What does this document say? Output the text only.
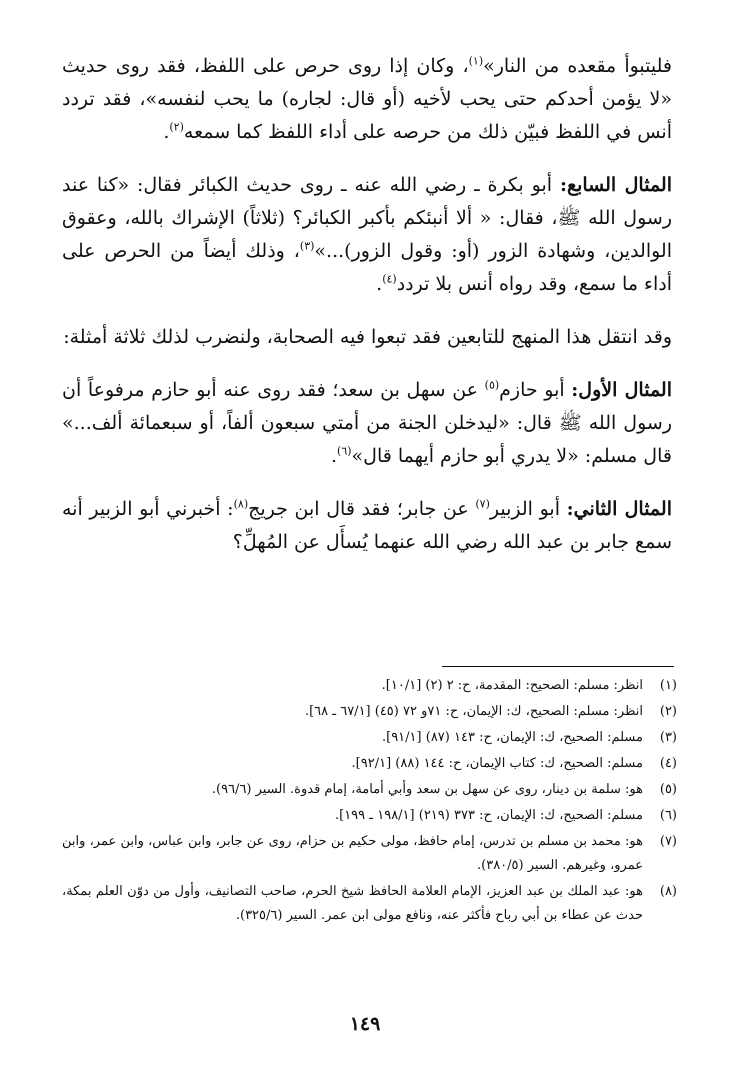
فليتبوأ مقعده من النار»$^{(١)}$، وكان إذا روى حرص على اللفظ، فقد روى حديث «لا يؤمن أحدكم حتى يحب لأخيه (أو قال: لجاره) ما يحب لنفسه»، فقد تردد أنس في اللفظ فبيّن ذلك من حرصه على أداء اللفظ كما سمعه$^{(٢)}$.

المثال السابع: أبو بكرة ـ رضي الله عنه ـ روى حديث الكبائر فقال: «كنا عند رسول الله ﷺ، فقال: « ألا أنبئكم بأكبر الكبائر؟ (ثلاثاً) الإشراك بالله، وعقوق الوالدين، وشهادة الزور (أو: وقول الزور)...»$^{(٣)}$، وذلك أيضاً من الحرص على أداء ما سمع، وقد رواه أنس بلا تردد$^{(٤)}$.

وقد انتقل هذا المنهج للتابعين فقد تبعوا فيه الصحابة، ولنضرب لذلك ثلاثة أمثلة:

المثال الأول: أبو حازم$^{(٥)}$ عن سهل بن سعد؛ فقد روى عنه أبو حازم مرفوعاً أن رسول الله ﷺ قال: «ليدخلن الجنة من أمتي سبعون ألفاً، أو سبعمائة ألف...» قال مسلم: «لا يدري أبو حازم أيهما قال»$^{(٦)}$.

المثال الثاني: أبو الزبير$^{(٧)}$ عن جابر؛ فقد قال ابن جريج$^{(٨)}$: أخبرني أبو الزبير أنه سمع جابر بن عبد الله رضي الله عنهما يُسأَل عن المُهلِّ؟

(١)
انظر: مسلم: الصحيح: المقدمة، ح: ٢ (٢) [١٠/١].
(٢)
انظر: مسلم: الصحيح، ك: الإيمان، ح: ٧١و ٧٢ (٤٥) [٦٧/١ ـ ٦٨].
(٣)
مسلم: الصحيح، ك: الإيمان، ح: ١٤٣ (٨٧) [٩١/١].
(٤)
مسلم: الصحيح، ك: كتاب الإيمان، ح: ١٤٤ (٨٨) [٩٢/١].
(٥)
هو: سلمة بن دينار، روى عن سهل بن سعد وأبي أمامة، إمام قدوة. السير (٩٦/٦).
(٦)
مسلم: الصحيح، ك: الإيمان، ح: ٣٧٣ (٢١٩) [١٩٨/١ ـ ١٩٩].
(٧)
هو: محمد بن مسلم بن تدرس، إمام حافظ، مولى حكيم بن حزام، روى عن جابر، وابن عباس، وابن عمر، وابن عمرو، وغيرهم. السير (٣٨٠/٥).
(٨)
هو: عبد الملك بن عبد العزيز، الإمام العلامة الحافظ شيخ الحرم، صاحب التصانيف، وأول من دوّن العلم بمكة، حدث عن عطاء بن أبي رباح فأكثر عنه، ونافع مولى ابن عمر. السير (٣٢٥/٦).
١٤٩
